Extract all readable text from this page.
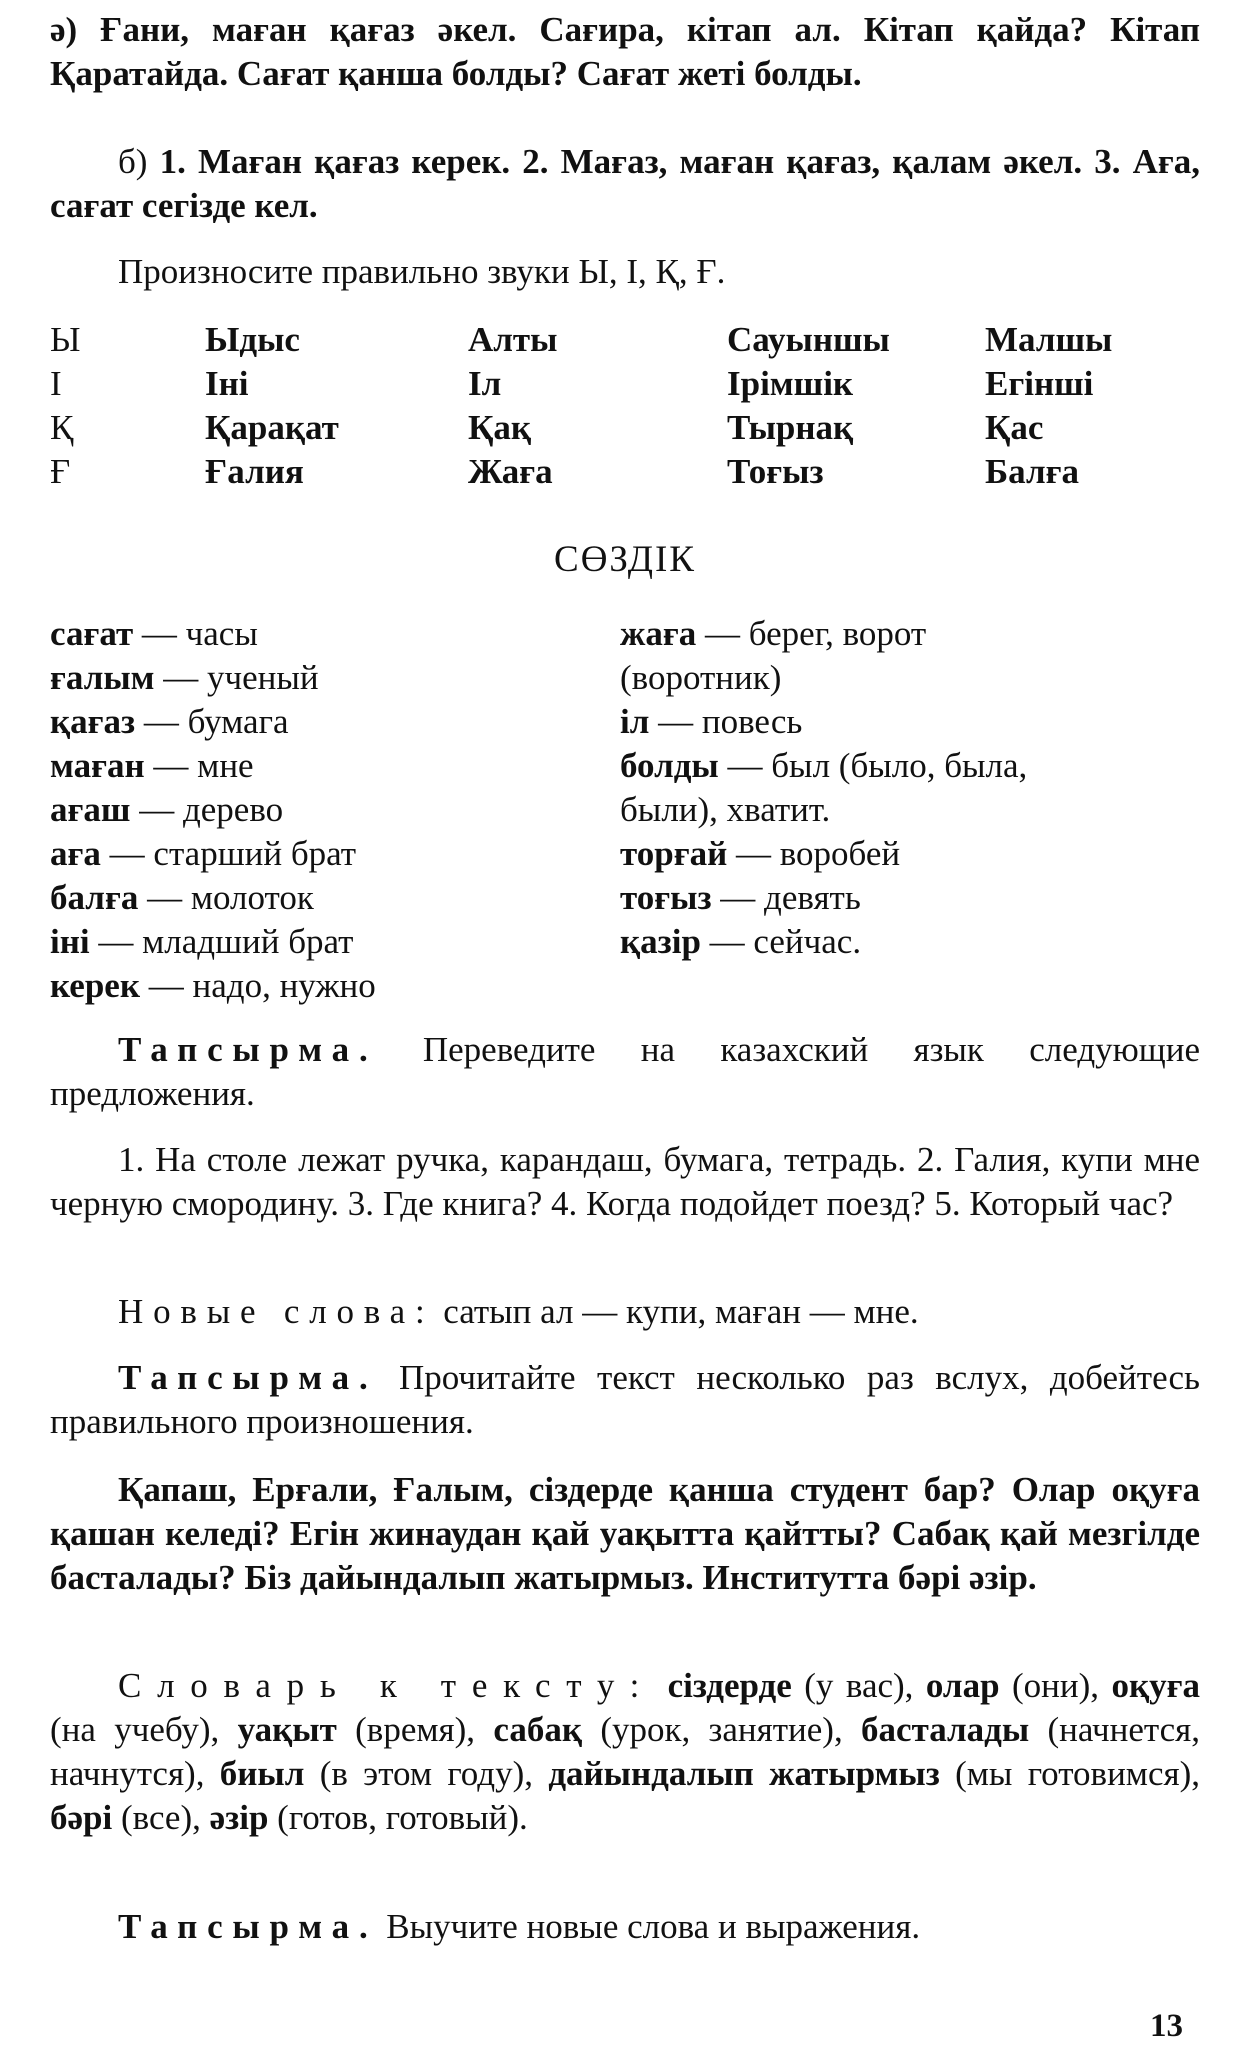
ә) Ғани, маған қағаз әкел. Сағира, кітап ал. Кітап қайда? Кітап Қаратайда. Сағат қанша болды? Сағат жеті болды.
б) 1. Маған қағаз керек. 2. Мағаз, маған қағаз, қалам әкел. 3. Аға, сағат сегізде кел.
Произносите правильно звуки Ы, І, Қ, Ғ.
Ы	Ыдыс	Алты	Сауыншы	Малшы
І	Іні	Іл	Ірімшік	Егінші
Қ	Қарақат	Қақ	Тырнақ	Қас
Ғ	Ғалия	Жаға	Тоғыз	Балға
СӨЗДІК
сағат — часы
ғалым — ученый
қағаз — бумага
маған — мне
ағаш — дерево
аға — старший брат
балға — молоток
іні — младший брат
керек — надо, нужно
жаға — берег, ворот
(воротник)
іл — повесь
болды — был (было, была,
были), хватит.
торғай — воробей
тоғыз — девять
қазір — сейчас.
Тапсырма. Переведите на казахский язык следующие предложения.
1. На столе лежат ручка, карандаш, бумага, тетрадь. 2. Галия, купи мне черную смородину. 3. Где книга? 4. Когда подойдет поезд? 5. Который час?
Новые слова: сатып ал — купи, маған — мне.
Тапсырма. Прочитайте текст несколько раз вслух, добейтесь правильного произношения.
Қапаш, Ерғали, Ғалым, сіздерде қанша студент бар? Олар оқуға қашан келеді? Егін жинаудан қай уақытта қайтты? Сабақ қай мезгілде басталады? Біз дайындалып жатырмыз. Институтта бәрі әзір.
Словарь к тексту: сіздерде (у вас), олар (они), оқуға (на учебу), уақыт (время), сабақ (урок, занятие), басталады (начнется, начнутся), биыл (в этом году), дайындалып жатырмыз (мы готовимся), бәрі (все), әзір (готов, готовый).
Тапсырма. Выучите новые слова и выражения.
13
